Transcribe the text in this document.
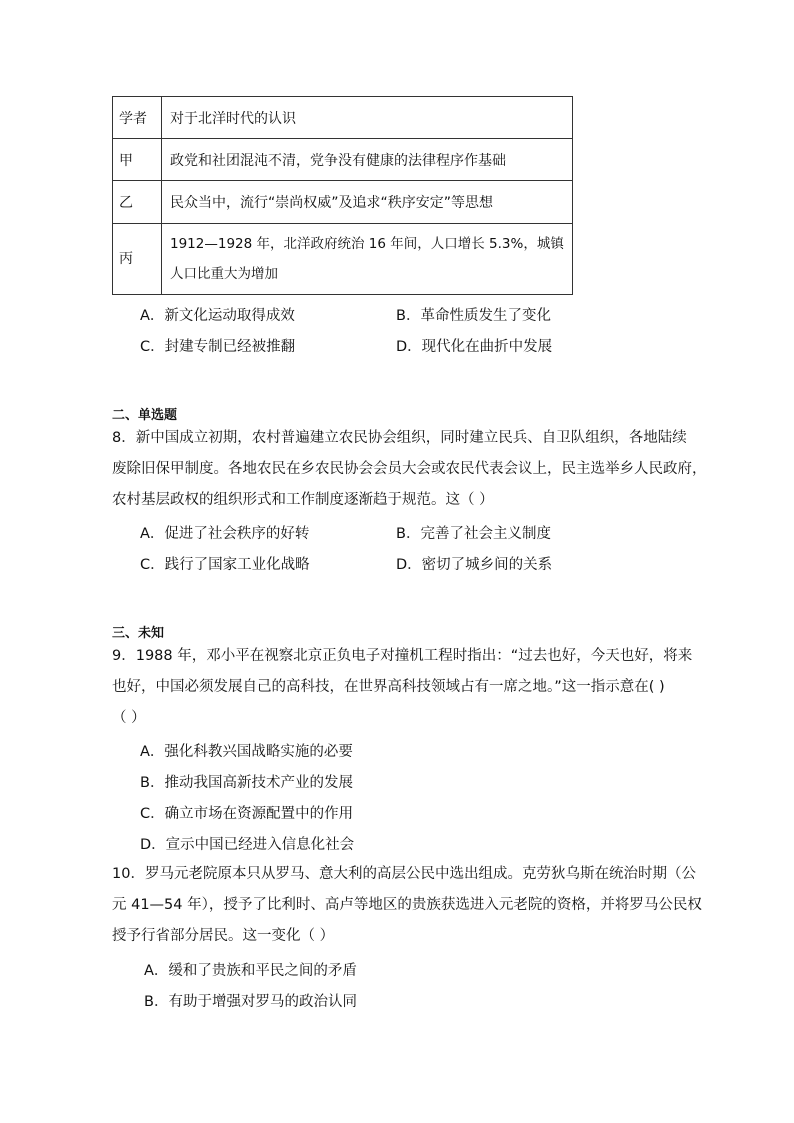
学者	对于北洋时代的认识
甲	政党和社团混沌不清，党争没有健康的法律程序作基础
乙	民众当中，流行“崇尚权威”及追求“秩序安定”等思想
丙	1912—1928 年，北洋政府统治 16 年间，人口增长 5.3%，城镇人口比重大为增加
A．新文化运动取得成效	B．革命性质发生了变化
C．封建专制已经被推翻	D．现代化在曲折中发展
二、单选题
8．新中国成立初期，农村普遍建立农民协会组织，同时建立民兵、自卫队组织，各地陆续
废除旧保甲制度。各地农民在乡农民协会会员大会或农民代表会议上，民主选举乡人民政府，
农村基层政权的组织形式和工作制度逐渐趋于规范。这（ ）
A．促进了社会秩序的好转	B．完善了社会主义制度
C．践行了国家工业化战略	D．密切了城乡间的关系
三、未知
9．1988 年，邓小平在视察北京正负电子对撞机工程时指出：“过去也好，今天也好，将来
也好，中国必须发展自己的高科技，在世界高科技领域占有一席之地。”这一指示意在( )
（ ）
A．强化科教兴国战略实施的必要
B．推动我国高新技术产业的发展
C．确立市场在资源配置中的作用
D．宣示中国已经进入信息化社会
10．罗马元老院原本只从罗马、意大利的高层公民中选出组成。克劳狄乌斯在统治时期（公
元 41—54 年），授予了比利时、高卢等地区的贵族获选进入元老院的资格，并将罗马公民权
授予行省部分居民。这一变化（ ）
A．缓和了贵族和平民之间的矛盾
B．有助于增强对罗马的政治认同
